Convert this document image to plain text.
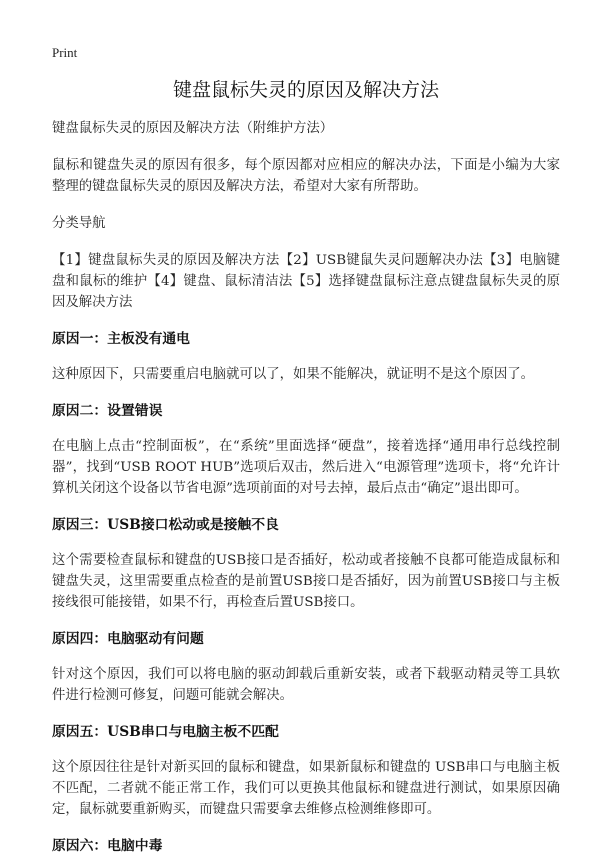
Print
键盘鼠标失灵的原因及解决方法

键盘鼠标失灵的原因及解决方法（附维护方法）

鼠标和键盘失灵的原因有很多，每个原因都对应相应的解决办法，下面是小编为大家整理的键盘鼠标失灵的原因及解决方法，希望对大家有所帮助。

分类导航

【1】键盘鼠标失灵的原因及解决方法【2】USB键鼠失灵问题解决办法【3】电脑键盘和鼠标的维护【4】键盘、鼠标清洁法【5】选择键盘鼠标注意点键盘鼠标失灵的原因及解决方法

原因一：主板没有通电

这种原因下，只需要重启电脑就可以了，如果不能解决，就证明不是这个原因了。

原因二：设置错误

在电脑上点击“控制面板”，在“系统”里面选择“硬盘”，接着选择“通用串行总线控制器”，找到“USB ROOT HUB”选项后双击，然后进入“电源管理”选项卡，将“允许计算机关闭这个设备以节省电源”选项前面的对号去掉，最后点击“确定”退出即可。

原因三：USB接口松动或是接触不良

这个需要检查鼠标和键盘的USB接口是否插好，松动或者接触不良都可能造成鼠标和键盘失灵，这里需要重点检查的是前置USB接口是否插好，因为前置USB接口与主板接线很可能接错，如果不行，再检查后置USB接口。

原因四：电脑驱动有问题

针对这个原因，我们可以将电脑的驱动卸载后重新安装，或者下载驱动精灵等工具软件进行检测可修复，问题可能就会解决。

原因五：USB串口与电脑主板不匹配

这个原因往往是针对新买回的鼠标和键盘，如果新鼠标和键盘的 USB串口与电脑主板不匹配，二者就不能正常工作，我们可以更换其他鼠标和键盘进行测试，如果原因确定，鼠标就要重新购买，而键盘只需要拿去维修点检测维修即可。

原因六：电脑中毒
